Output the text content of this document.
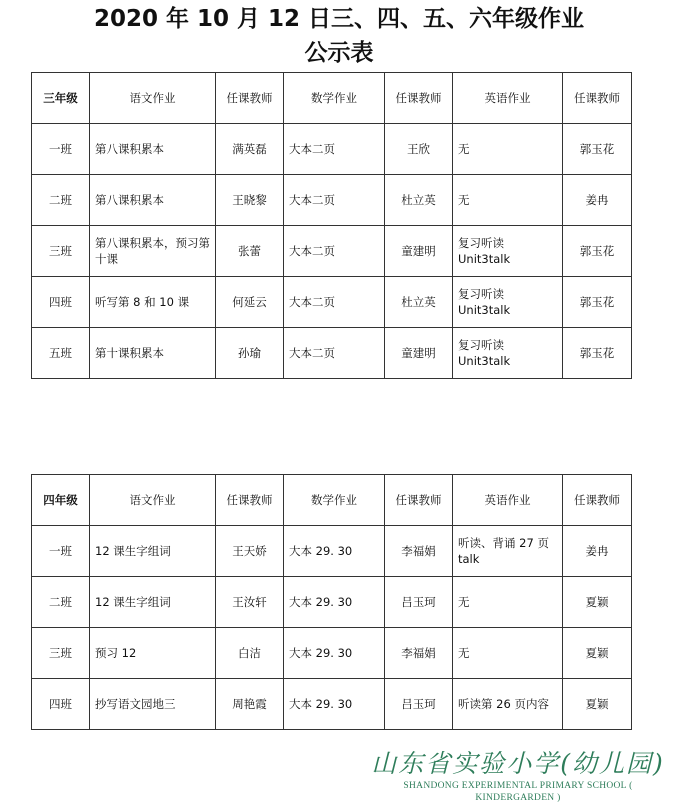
2020 年 10 月 12 日三、四、五、六年级作业
公示表
三年级	语文作业	任课教师	数学作业	任课教师	英语作业	任课教师
一班	第八课积累本	满英磊	大本二页	王欣	无	郭玉花
二班	第八课积累本	王晓黎	大本二页	杜立英	无	姜冉
三班	第八课积累本，预习第十课	张蕾	大本二页	童建明	复习听读 Unit3talk	郭玉花
四班	听写第 8 和 10 课	何延云	大本二页	杜立英	复习听读 Unit3talk	郭玉花
五班	第十课积累本	孙瑜	大本二页	童建明	复习听读 Unit3talk	郭玉花
四年级	语文作业	任课教师	数学作业	任课教师	英语作业	任课教师
一班	12 课生字组词	王天娇	大本 29. 30	李福娟	听读、背诵 27 页 talk	姜冉
二班	12 课生字组词	王汝轩	大本 29. 30	吕玉珂	无	夏颖
三班	预习 12	白洁	大本 29. 30	李福娟	无	夏颖
四班	抄写语文园地三	周艳霞	大本 29. 30	吕玉珂	听读第 26 页内容	夏颖
山东省实验小学(幼儿园)
SHANDONG EXPERIMENTAL PRIMARY SCHOOL ( KINDERGARDEN )
